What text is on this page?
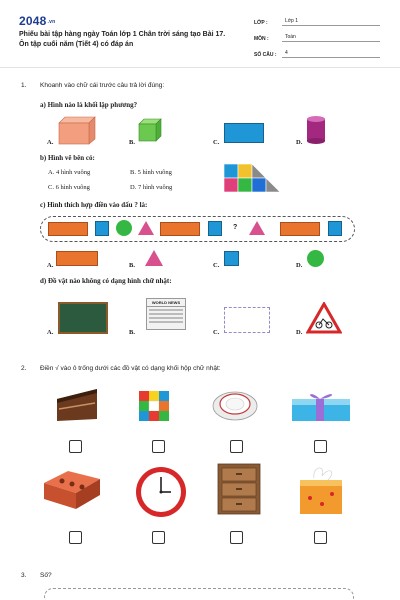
2048.vn
Phiếu bài tập hàng ngày Toán lớp 1 Chân trời sáng tạo Bài 17. Ôn tập cuối năm (Tiết 4) có đáp án
LỚP :	Lớp 1
MÔN :	Toán
SỐ CÂU :	4
1. Khoanh vào chữ cái trước câu trả lời đúng:
a) Hình nào là khối lập phương?
A.	B.	C.	D.
b) Hình vẽ bên có:
A. 4 hình vuông	B. 5 hình vuông
C. 6 hình vuông	D. 7 hình vuông
c) Hình thích hợp điền vào dấu ? là:
?
A.	B.	C.	D.
d) Đồ vật nào không có dạng hình chữ nhật:
A.	B.
WORLD NEWS
C.	D.
2. Điền √ vào ô trống dưới các đồ vật có dạng khối hộp chữ nhật:
3. Số?
